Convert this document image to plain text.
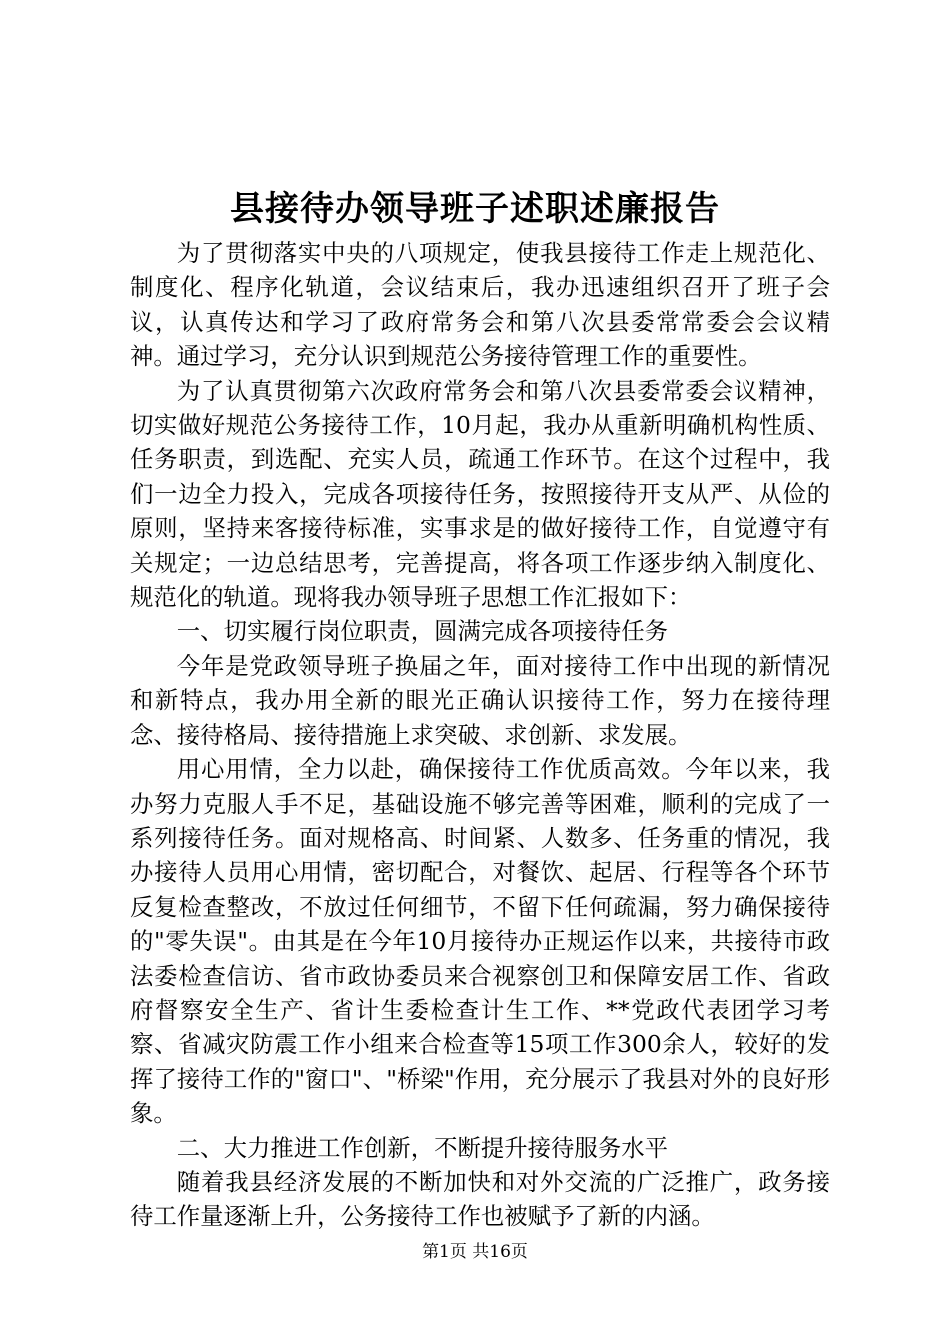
县接待办领导班子述职述廉报告

为了贯彻落实中央的八项规定，使我县接待工作走上规范化、制度化、程序化轨道，会议结束后，我办迅速组织召开了班子会议，认真传达和学习了政府常务会和第八次县委常常委会会议精神。通过学习，充分认识到规范公务接待管理工作的重要性。

为了认真贯彻第六次政府常务会和第八次县委常委会议精神，切实做好规范公务接待工作，10月起，我办从重新明确机构性质、任务职责，到选配、充实人员，疏通工作环节。在这个过程中，我们一边全力投入，完成各项接待任务，按照接待开支从严、从俭的原则，坚持来客接待标准，实事求是的做好接待工作，自觉遵守有关规定；一边总结思考，完善提高，将各项工作逐步纳入制度化、规范化的轨道。现将我办领导班子思想工作汇报如下：

一、切实履行岗位职责，圆满完成各项接待任务

今年是党政领导班子换届之年，面对接待工作中出现的新情况和新特点，我办用全新的眼光正确认识接待工作，努力在接待理念、接待格局、接待措施上求突破、求创新、求发展。

用心用情，全力以赴，确保接待工作优质高效。今年以来，我办努力克服人手不足，基础设施不够完善等困难，顺利的完成了一系列接待任务。面对规格高、时间紧、人数多、任务重的情况，我办接待人员用心用情，密切配合，对餐饮、起居、行程等各个环节反复检查整改，不放过任何细节，不留下任何疏漏，努力确保接待的"零失误"。由其是在今年10月接待办正规运作以来，共接待市政法委检查信访、省市政协委员来合视察创卫和保障安居工作、省政府督察安全生产、省计生委检查计生工作、**党政代表团学习考察、省减灾防震工作小组来合检查等15项工作300余人，较好的发挥了接待工作的"窗口"、"桥梁"作用，充分展示了我县对外的良好形象。

二、大力推进工作创新，不断提升接待服务水平

随着我县经济发展的不断加快和对外交流的广泛推广，政务接待工作量逐渐上升，公务接待工作也被赋予了新的内涵。

第1页 共16页
